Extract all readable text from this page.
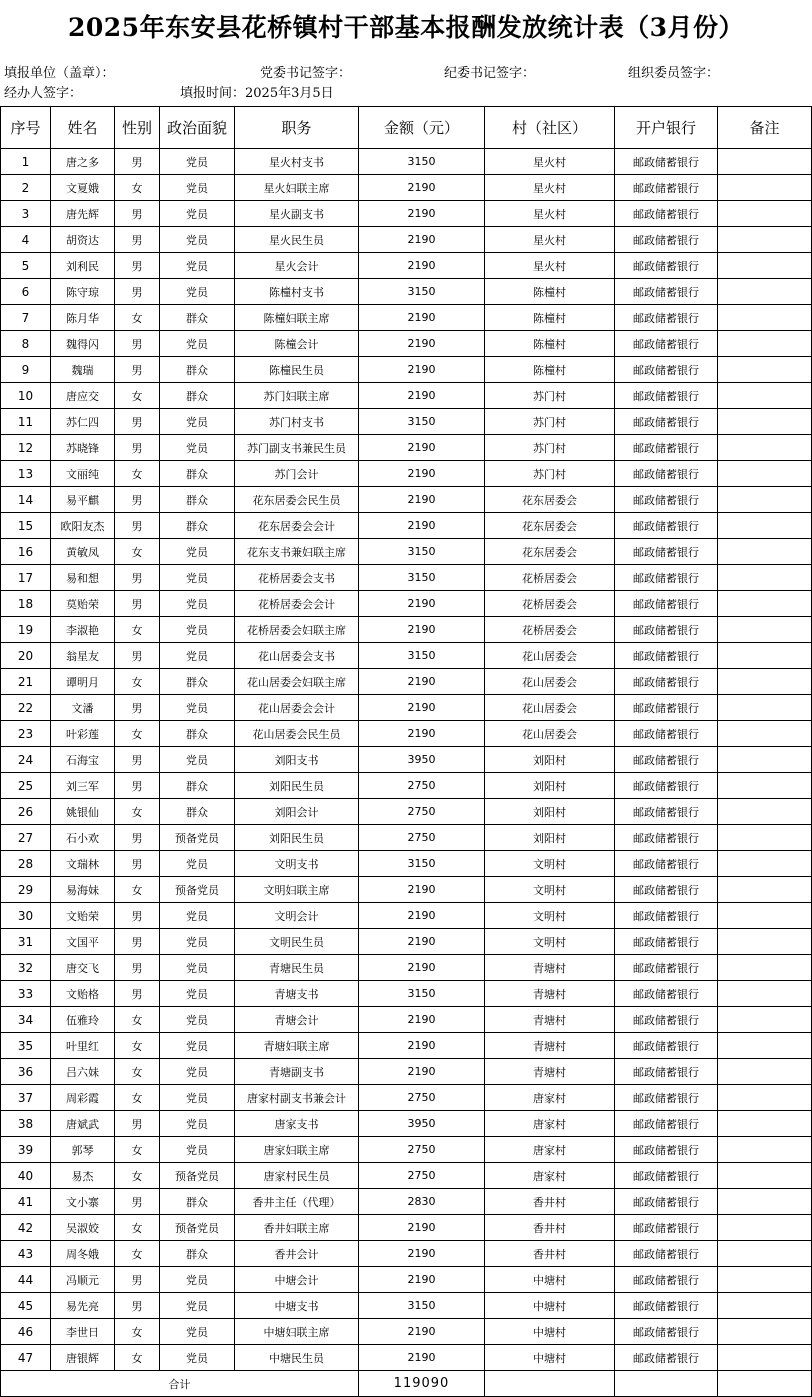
2025年东安县花桥镇村干部基本报酬发放统计表（3月份）
填报单位（盖章）：	党委书记签字：	纪委书记签字：	组织委员签字：
经办人签字：	填报时间：2025年3月5日
序号	姓名	性别	政治面貌	职务	金额（元）	村（社区）	开户银行	备注
1	唐之多	男	党员	星火村支书	3150	星火村	邮政储蓄银行	
2	文夏娥	女	党员	星火妇联主席	2190	星火村	邮政储蓄银行	
3	唐先辉	男	党员	星火副支书	2190	星火村	邮政储蓄银行	
4	胡资达	男	党员	星火民生员	2190	星火村	邮政储蓄银行	
5	刘利民	男	党员	星火会计	2190	星火村	邮政储蓄银行	
6	陈守琼	男	党员	陈橦村支书	3150	陈橦村	邮政储蓄银行	
7	陈月华	女	群众	陈橦妇联主席	2190	陈橦村	邮政储蓄银行	
8	魏得闪	男	党员	陈橦会计	2190	陈橦村	邮政储蓄银行	
9	魏瑞	男	群众	陈橦民生员	2190	陈橦村	邮政储蓄银行	
10	唐应交	女	群众	苏门妇联主席	2190	苏门村	邮政储蓄银行	
11	苏仁四	男	党员	苏门村支书	3150	苏门村	邮政储蓄银行	
12	苏晓锋	男	党员	苏门副支书兼民生员	2190	苏门村	邮政储蓄银行	
13	文丽纯	女	群众	苏门会计	2190	苏门村	邮政储蓄银行	
14	易平麒	男	群众	花东居委会民生员	2190	花东居委会	邮政储蓄银行	
15	欧阳友杰	男	群众	花东居委会会计	2190	花东居委会	邮政储蓄银行	
16	黄敏凤	女	党员	花东支书兼妇联主席	3150	花东居委会	邮政储蓄银行	
17	易和想	男	党员	花桥居委会支书	3150	花桥居委会	邮政储蓄银行	
18	莫贻荣	男	党员	花桥居委会会计	2190	花桥居委会	邮政储蓄银行	
19	李淑艳	女	党员	花桥居委会妇联主席	2190	花桥居委会	邮政储蓄银行	
20	翁星友	男	党员	花山居委会支书	3150	花山居委会	邮政储蓄银行	
21	谭明月	女	群众	花山居委会妇联主席	2190	花山居委会	邮政储蓄银行	
22	文潘	男	党员	花山居委会会计	2190	花山居委会	邮政储蓄银行	
23	叶彩莲	女	群众	花山居委会民生员	2190	花山居委会	邮政储蓄银行	
24	石海宝	男	党员	刘阳支书	3950	刘阳村	邮政储蓄银行	
25	刘三军	男	群众	刘阳民生员	2750	刘阳村	邮政储蓄银行	
26	姚银仙	女	群众	刘阳会计	2750	刘阳村	邮政储蓄银行	
27	石小欢	男	预备党员	刘阳民生员	2750	刘阳村	邮政储蓄银行	
28	文瑞林	男	党员	文明支书	3150	文明村	邮政储蓄银行	
29	易海妹	女	预备党员	文明妇联主席	2190	文明村	邮政储蓄银行	
30	文贻荣	男	党员	文明会计	2190	文明村	邮政储蓄银行	
31	文国平	男	党员	文明民生员	2190	文明村	邮政储蓄银行	
32	唐交飞	男	党员	青塘民生员	2190	青塘村	邮政储蓄银行	
33	文贻格	男	党员	青塘支书	3150	青塘村	邮政储蓄银行	
34	伍雅玲	女	党员	青塘会计	2190	青塘村	邮政储蓄银行	
35	叶里红	女	党员	青塘妇联主席	2190	青塘村	邮政储蓄银行	
36	吕六妹	女	党员	青塘副支书	2190	青塘村	邮政储蓄银行	
37	周彩霞	女	党员	唐家村副支书兼会计	2750	唐家村	邮政储蓄银行	
38	唐斌武	男	党员	唐家支书	3950	唐家村	邮政储蓄银行	
39	郭琴	女	党员	唐家妇联主席	2750	唐家村	邮政储蓄银行	
40	易杰	女	预备党员	唐家村民生员	2750	唐家村	邮政储蓄银行	
41	文小寨	男	群众	香井主任（代理）	2830	香井村	邮政储蓄银行	
42	吴淑姣	女	预备党员	香井妇联主席	2190	香井村	邮政储蓄银行	
43	周冬娥	女	群众	香井会计	2190	香井村	邮政储蓄银行	
44	冯顺元	男	党员	中塘会计	2190	中塘村	邮政储蓄银行	
45	易先亮	男	党员	中塘支书	3150	中塘村	邮政储蓄银行	
46	李世日	女	党员	中塘妇联主席	2190	中塘村	邮政储蓄银行	
47	唐银辉	女	党员	中塘民生员	2190	中塘村	邮政储蓄银行	
合计					119090			
